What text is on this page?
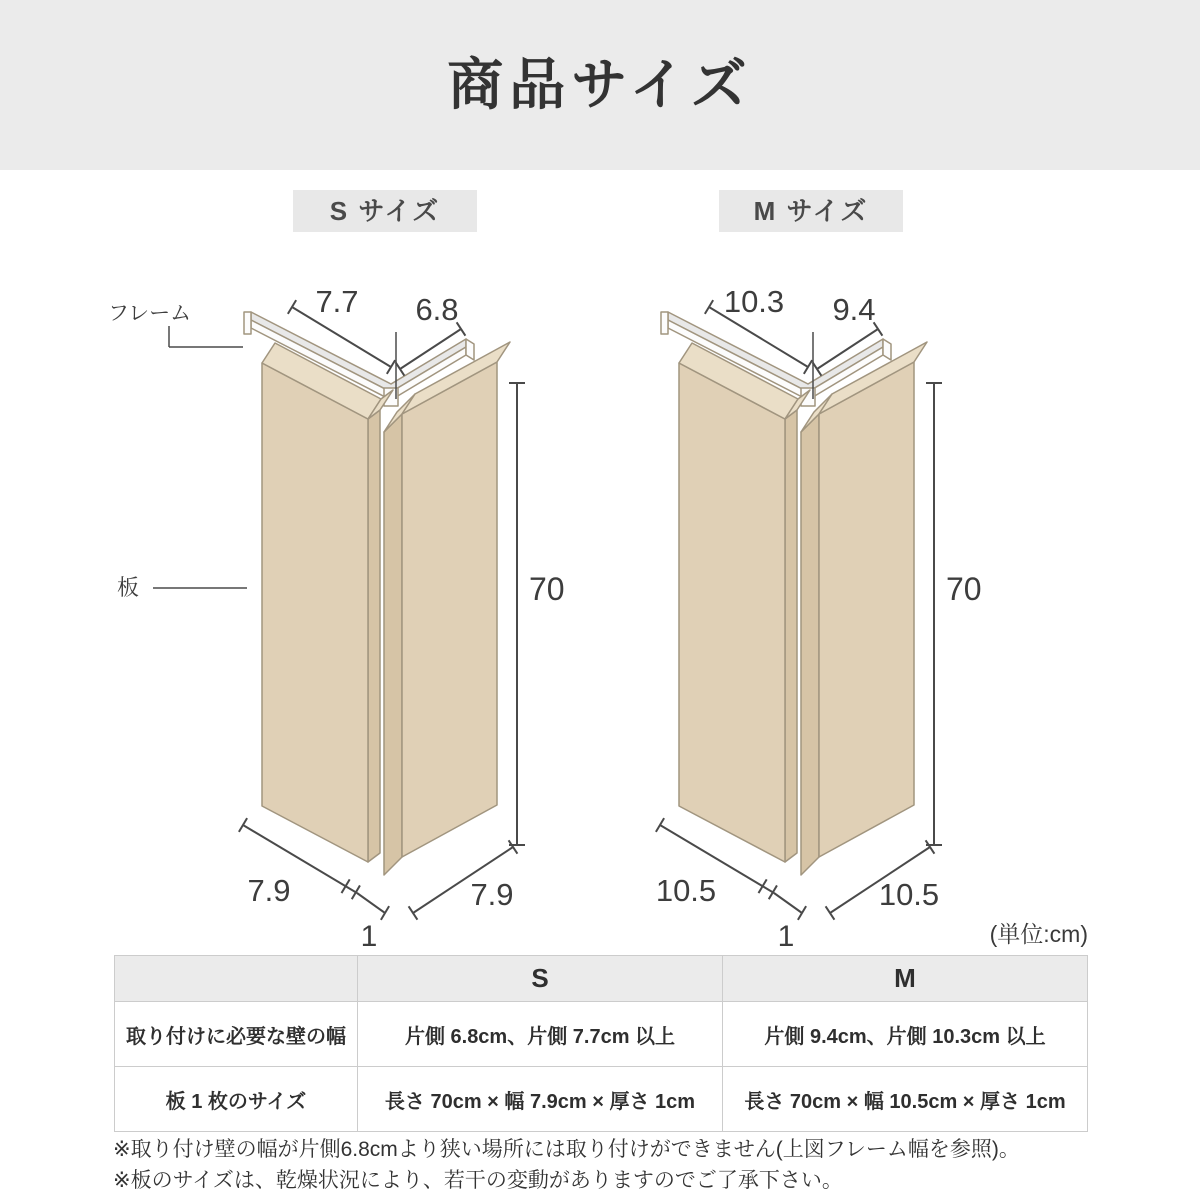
商品サイズ
S サイズ	M サイズ
7.7 6.8
70
7.9	7.9
1
フレーム
板
10.3 9.4
70
10.5	10.5
1	(単位:cm)
	S	M
取り付けに必要な壁の幅	片側 6.8cm、片側 7.7cm 以上	片側 9.4cm、片側 10.3cm 以上
板 1 枚のサイズ	長さ 70cm × 幅 7.9cm × 厚さ 1cm	長さ 70cm × 幅 10.5cm × 厚さ 1cm
※取り付け壁の幅が片側6.8cmより狭い場所には取り付けができません(上図フレーム幅を参照)。
※板のサイズは、乾燥状況により、若干の変動がありますのでご了承下さい。
